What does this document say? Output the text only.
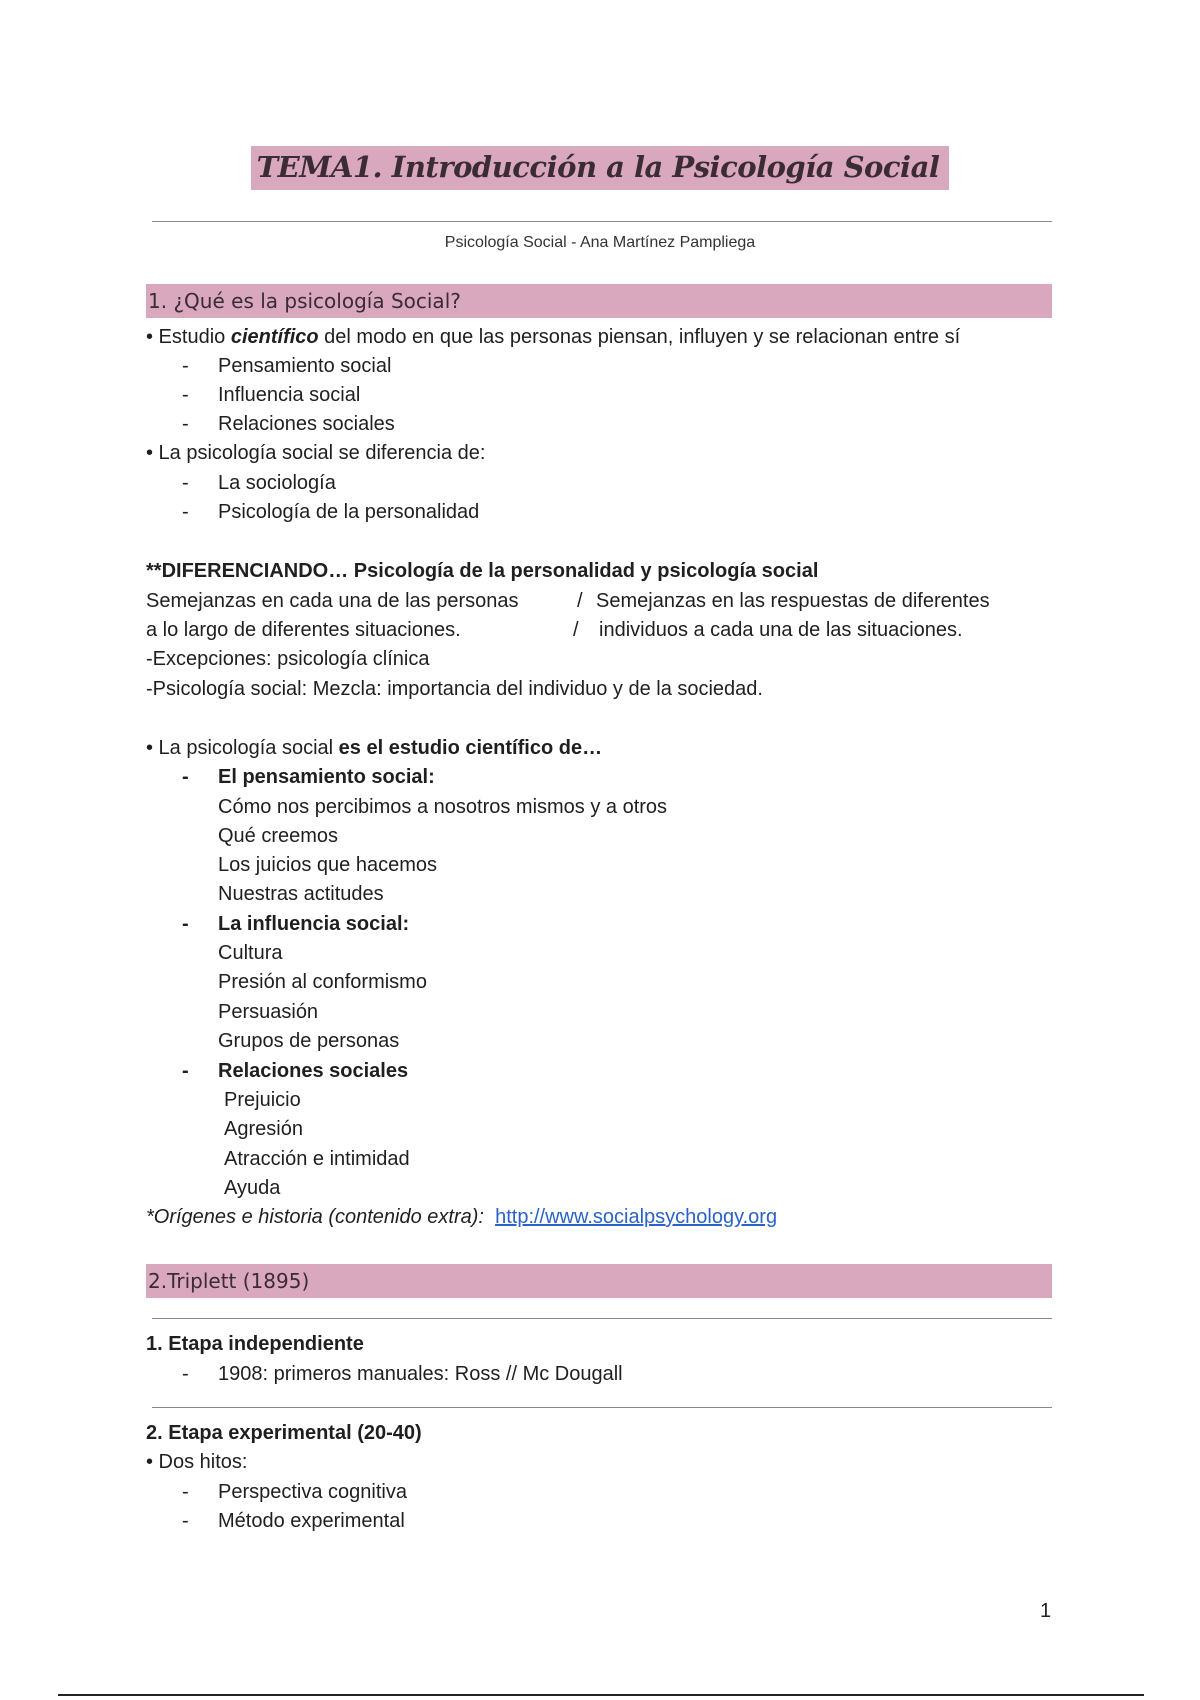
TEMA1. Introducción a la Psicología Social
Psicología Social - Ana Martínez Pampliega
1. ¿Qué es la psicología Social?
• Estudio científico del modo en que las personas piensan, influyen y se relacionan entre sí
- Pensamiento social
- Influencia social
- Relaciones sociales
• La psicología social se diferencia de:
- La sociología
- Psicología de la personalidad
**DIFERENCIANDO… Psicología de la personalidad y psicología social
Semejanzas en cada una de las personas	/ Semejanzas en las respuestas de diferentes
a lo largo de diferentes situaciones.	/ individuos a cada una de las situaciones.
-Excepciones: psicología clínica
-Psicología social: Mezcla: importancia del individuo y de la sociedad.
• La psicología social es el estudio científico de…
- El pensamiento social:
Cómo nos percibimos a nosotros mismos y a otros
Qué creemos
Los juicios que hacemos
Nuestras actitudes
- La influencia social:
Cultura
Presión al conformismo
Persuasión
Grupos de personas
- Relaciones sociales
Prejuicio
Agresión
Atracción e intimidad
Ayuda
*Orígenes e historia (contenido extra): http://www.socialpsychology.org
2.Triplett (1895)
1. Etapa independiente
- 1908: primeros manuales: Ross // Mc Dougall
2. Etapa experimental (20-40)
• Dos hitos:
- Perspectiva cognitiva
- Método experimental
1
